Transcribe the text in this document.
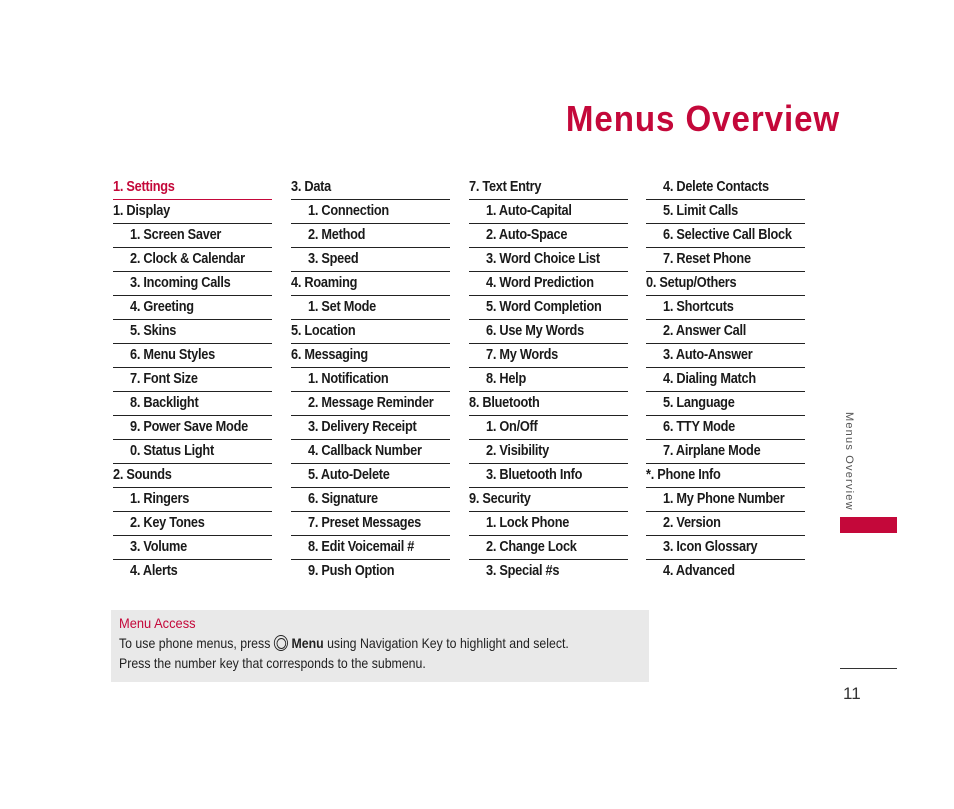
Menus Overview
1. Settings
1. Display
1. Screen Saver
2. Clock & Calendar
3. Incoming Calls
4. Greeting
5. Skins
6. Menu Styles
7. Font Size
8. Backlight
9. Power Save Mode
0. Status Light
2. Sounds
1. Ringers
2. Key Tones
3. Volume
4. Alerts
3. Data
1. Connection
2. Method
3. Speed
4. Roaming
1. Set Mode
5. Location
6. Messaging
1. Notification
2. Message Reminder
3. Delivery Receipt
4. Callback Number
5. Auto-Delete
6. Signature
7. Preset Messages
8. Edit Voicemail #
9. Push Option
7. Text Entry
1. Auto-Capital
2. Auto-Space
3. Word Choice List
4. Word Prediction
5. Word Completion
6. Use My Words
7. My Words
8. Help
8. Bluetooth
1. On/Off
2. Visibility
3. Bluetooth Info
9. Security
1. Lock Phone
2. Change Lock
3. Special #s
4. Delete Contacts
5. Limit Calls
6. Selective Call Block
7. Reset Phone
0. Setup/Others
1. Shortcuts
2. Answer Call
3. Auto-Answer
4. Dialing Match
5. Language
6. TTY Mode
7. Airplane Mode
*. Phone Info
1. My Phone Number
2. Version
3. Icon Glossary
4. Advanced
Menu Access
To use phone menus, press Menu using Navigation Key to highlight and select.
Press the number key that corresponds to the submenu.
Menus Overview
11
